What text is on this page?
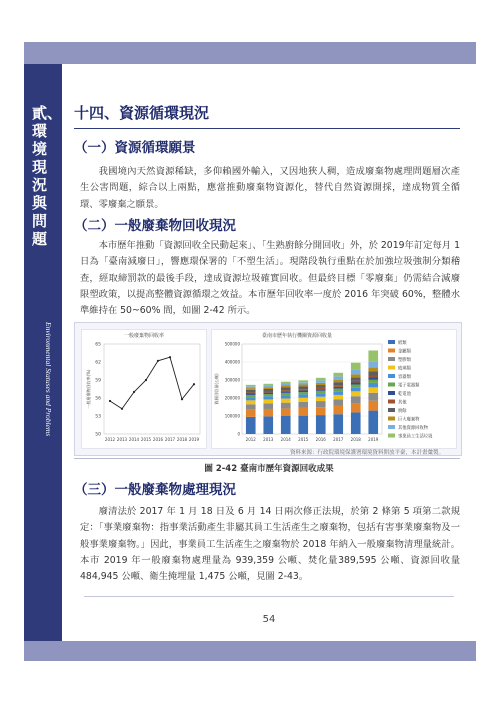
貳、環境現況與問題
Environmental Statuses and Problems
十四、資源循環現況
（一）資源循環願景
我國境內天然資源稀缺，多仰賴國外輸入，又因地狹人稠，造成廢棄物處理問題層次產生公害問題，綜合以上兩點，應當推動廢棄物資源化，替代自然資源開採，達成物質全循環、零廢棄之願景。
（二）一般廢棄物回收現況
本市歷年推動「資源回收全民動起來」、「生熟廚餘分開回收」外，於 2019年訂定每月 1 日為「臺南減廢日」，響應環保署的「不塑生活」。現階段執行重點在於加強垃圾強制分類稽查，經取締罰款的最後手段，達成資源垃圾確實回收。但最終目標「零廢棄」仍需結合減廢限塑政策，以提高整體資源循環之效益。本市歷年回收率一度於 2016 年突破 60%，整體水準維持在 50~60% 間，如圖 2-42 所示。
一般廢棄物回收率
50
53
56
59
62
65
一般廢棄物回收率(%)
2012 2013 2014 2015 2016 2017 2018 2019
臺南市歷年執行機關資源回收量
0
100000
200000
300000
400000
500000
資源回收量(公噸)
2012 2013 2014 2015 2016 2017 2018 2019
紙類
金屬類
塑膠類
玻璃類
容器類
電子電器類
乾電池
其他
廚餘
巨大廢棄物
其他資源回收物
事業員工生活垃圾
資料來源：行政院環境保護署環境資料開放平臺，本計畫彙製。
圖 2-42 臺南市歷年資源回收成果
（三）一般廢棄物處理現況
廢清法於 2017 年 1 月 18 日及 6 月 14 日兩次修正法規，於第 2 條第 5 項第二款規定：「事業廢棄物：指事業活動產生非屬其員工生活產生之廢棄物，包括有害事業廢棄物及一般事業廢棄物。」因此，事業員工生活產生之廢棄物於 2018 年納入一般廢棄物清理量統計。本市 2019 年一般廢棄物處理量為 939,359 公噸、焚化量389,595 公噸、資源回收量 484,945 公噸、衛生掩埋量 1,475 公噸，見圖 2-43。
54
